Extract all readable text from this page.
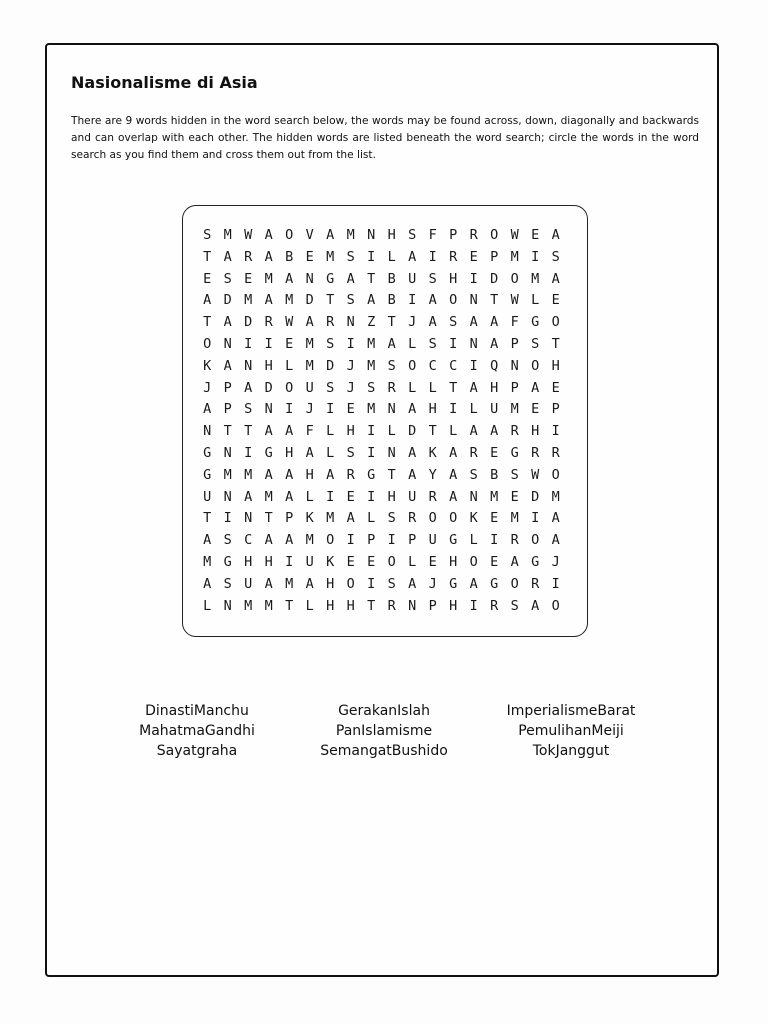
Nasionalisme di Asia

There are 9 words hidden in the word search below, the words may be found across, down, diagonally and backwards and can overlap with each other. The hidden words are listed beneath the word search; circle the words in the word search as you find them and cross them out from the list.

S M W A O V A M N H S F P R O W E A
T A R A B E M S I L A I R E P M I S
E S E M A N G A T B U S H I D O M A
A D M A M D T S A B I A O N T W L E
T A D R W A R N Z T J A S A A F G O
O N I I E M S I M A L S I N A P S T
K A N H L M D J M S O C C I Q N O H
J P A D O U S J S R L L T A H P A E
A P S N I J I E M N A H I L U M E P
N T T A A F L H I L D T L A A R H I
G N I G H A L S I N A K A R E G R R
G M M A A H A R G T A Y A S B S W O
U N A M A L I E I H U R A N M E D M
T I N T P K M A L S R O O K E M I A
A S C A A M O I P I P U G L I R O A
M G H H I U K E E O L E H O E A G J
A S U A M A H O I S A J G A G O R I
L N M M T L H H T R N P H I R S A O
DinastiManchu
MahatmaGandhi
Sayatgraha
GerakanIslah
PanIslamisme
SemangatBushido
ImperialismeBarat
PemulihanMeiji
TokJanggut
